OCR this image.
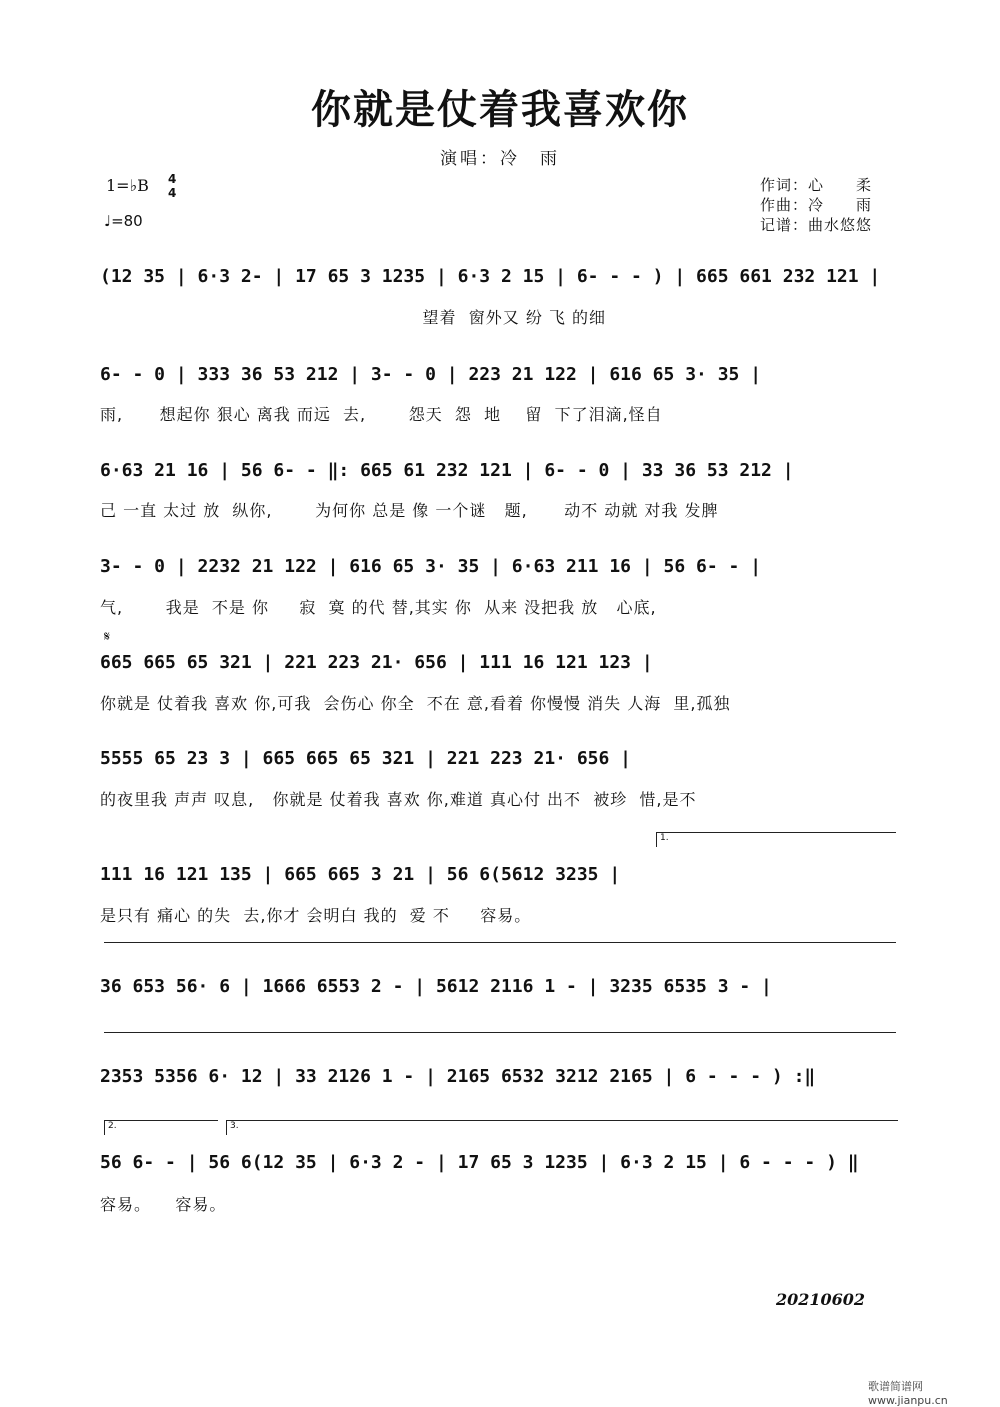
你就是仗着我喜欢你
演唱：冷　雨
1=♭B 4
4
♩=80
作词：心　　柔
作曲：冷　　雨
记谱：曲水悠悠
(12 35 | 6·3 2- | 17 65 3 1235 | 6·3 2 15 | 6- - - ) | 665 661 232 121 |
望着  窗外又 纷 飞 的细
6- - 0 | 333 36 53 212 | 3- - 0 | 223 21 122 | 616 65 3· 35 |
雨,      想起你 狠心 离我 而远  去,       怨天  怨  地    留  下了泪滴,怪自
6·63 21 16 | 56 6- - ‖: 665 61 232 121 | 6- - 0 | 33 36 53 212 |
己 一直 太过 放  纵你,       为何你 总是 像 一个谜   题,      动不 动就 对我 发脾
3- - 0 | 2232 21 122 | 616 65 3· 35 | 6·63 211 16 | 56 6- - |
气,       我是  不是 你     寂  寞 的代 替,其实 你  从来 没把我 放   心底,
𝄋
665 665 65 321 | 221 223 21· 656 | 111 16 121 123 |
你就是 仗着我 喜欢 你,可我  会伤心 你全  不在 意,看着 你慢慢 消失 人海  里,孤独
5555 65 23 3 | 665 665 65 321 | 221 223 21· 656 |
的夜里我 声声 叹息,   你就是 仗着我 喜欢 你,难道 真心付 出不  被珍  惜,是不
1.
111 16 121 135 | 665 665 3 21 | 56 6(5612 3235 |
是只有 痛心 的失  去,你才 会明白 我的  爱 不     容易。
36 653 56· 6 | 1666 6553 2 - | 5612 2116 1 - | 3235 6535 3 - |
2353 5356 6· 12 | 33 2126 1 - | 2165 6532 3212 2165 | 6 - - - ) :‖
2.	3.
56 6- - | 56 6(12 35 | 6·3 2 - | 17 65 3 1235 | 6·3 2 15 | 6 - - - ) ‖
容易。    容易。
20210602
歌谱简谱网 www.jianpu.cn
